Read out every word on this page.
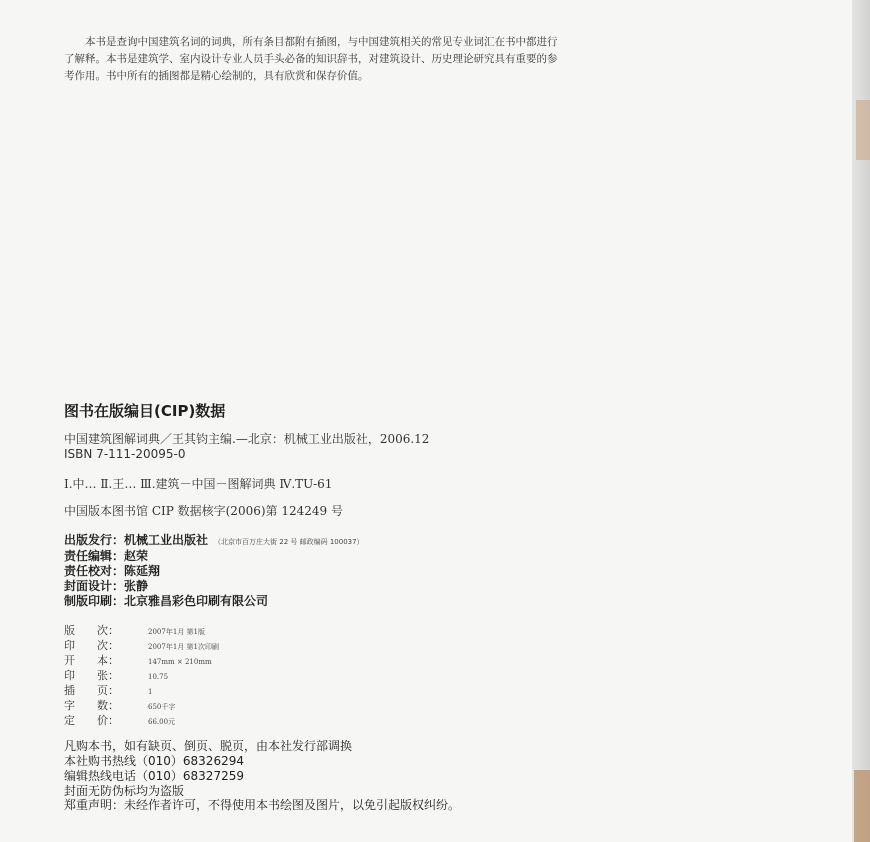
本书是查询中国建筑名词的词典，所有条目都附有插图，与中国建筑相关的常见专业词汇在书中都进行了解释。本书是建筑学、室内设计专业人员手头必备的知识辞书，对建筑设计、历史理论研究具有重要的参考作用。书中所有的插图都是精心绘制的，具有欣赏和保存价值。
图书在版编目(CIP)数据
中国建筑图解词典／王其钧主编.—北京：机械工业出版社，2006.12
ISBN 7-111-20095-0
Ⅰ.中… Ⅱ.王… Ⅲ.建筑－中国－图解词典 Ⅳ.TU-61
中国版本图书馆 CIP 数据核字(2006)第 124249 号
出版发行：机械工业出版社 （北京市百万庄大街 22 号 邮政编码 100037）
责任编辑：赵荣
责任校对：陈延翔
封面设计：张静
制版印刷：北京雅昌彩色印刷有限公司
版　　次：	2007年1月 第1版
印　　次：	2007年1月 第1次印刷
开　　本：	147mm × 210mm
印　　张：	10.75
插　　页：	1
字　　数：	650千字
定　　价：	66.00元
凡购本书，如有缺页、倒页、脱页，由本社发行部调换
本社购书热线（010）68326294
编辑热线电话（010）68327259
封面无防伪标均为盗版
郑重声明：未经作者许可，不得使用本书绘图及图片，以免引起版权纠纷。
